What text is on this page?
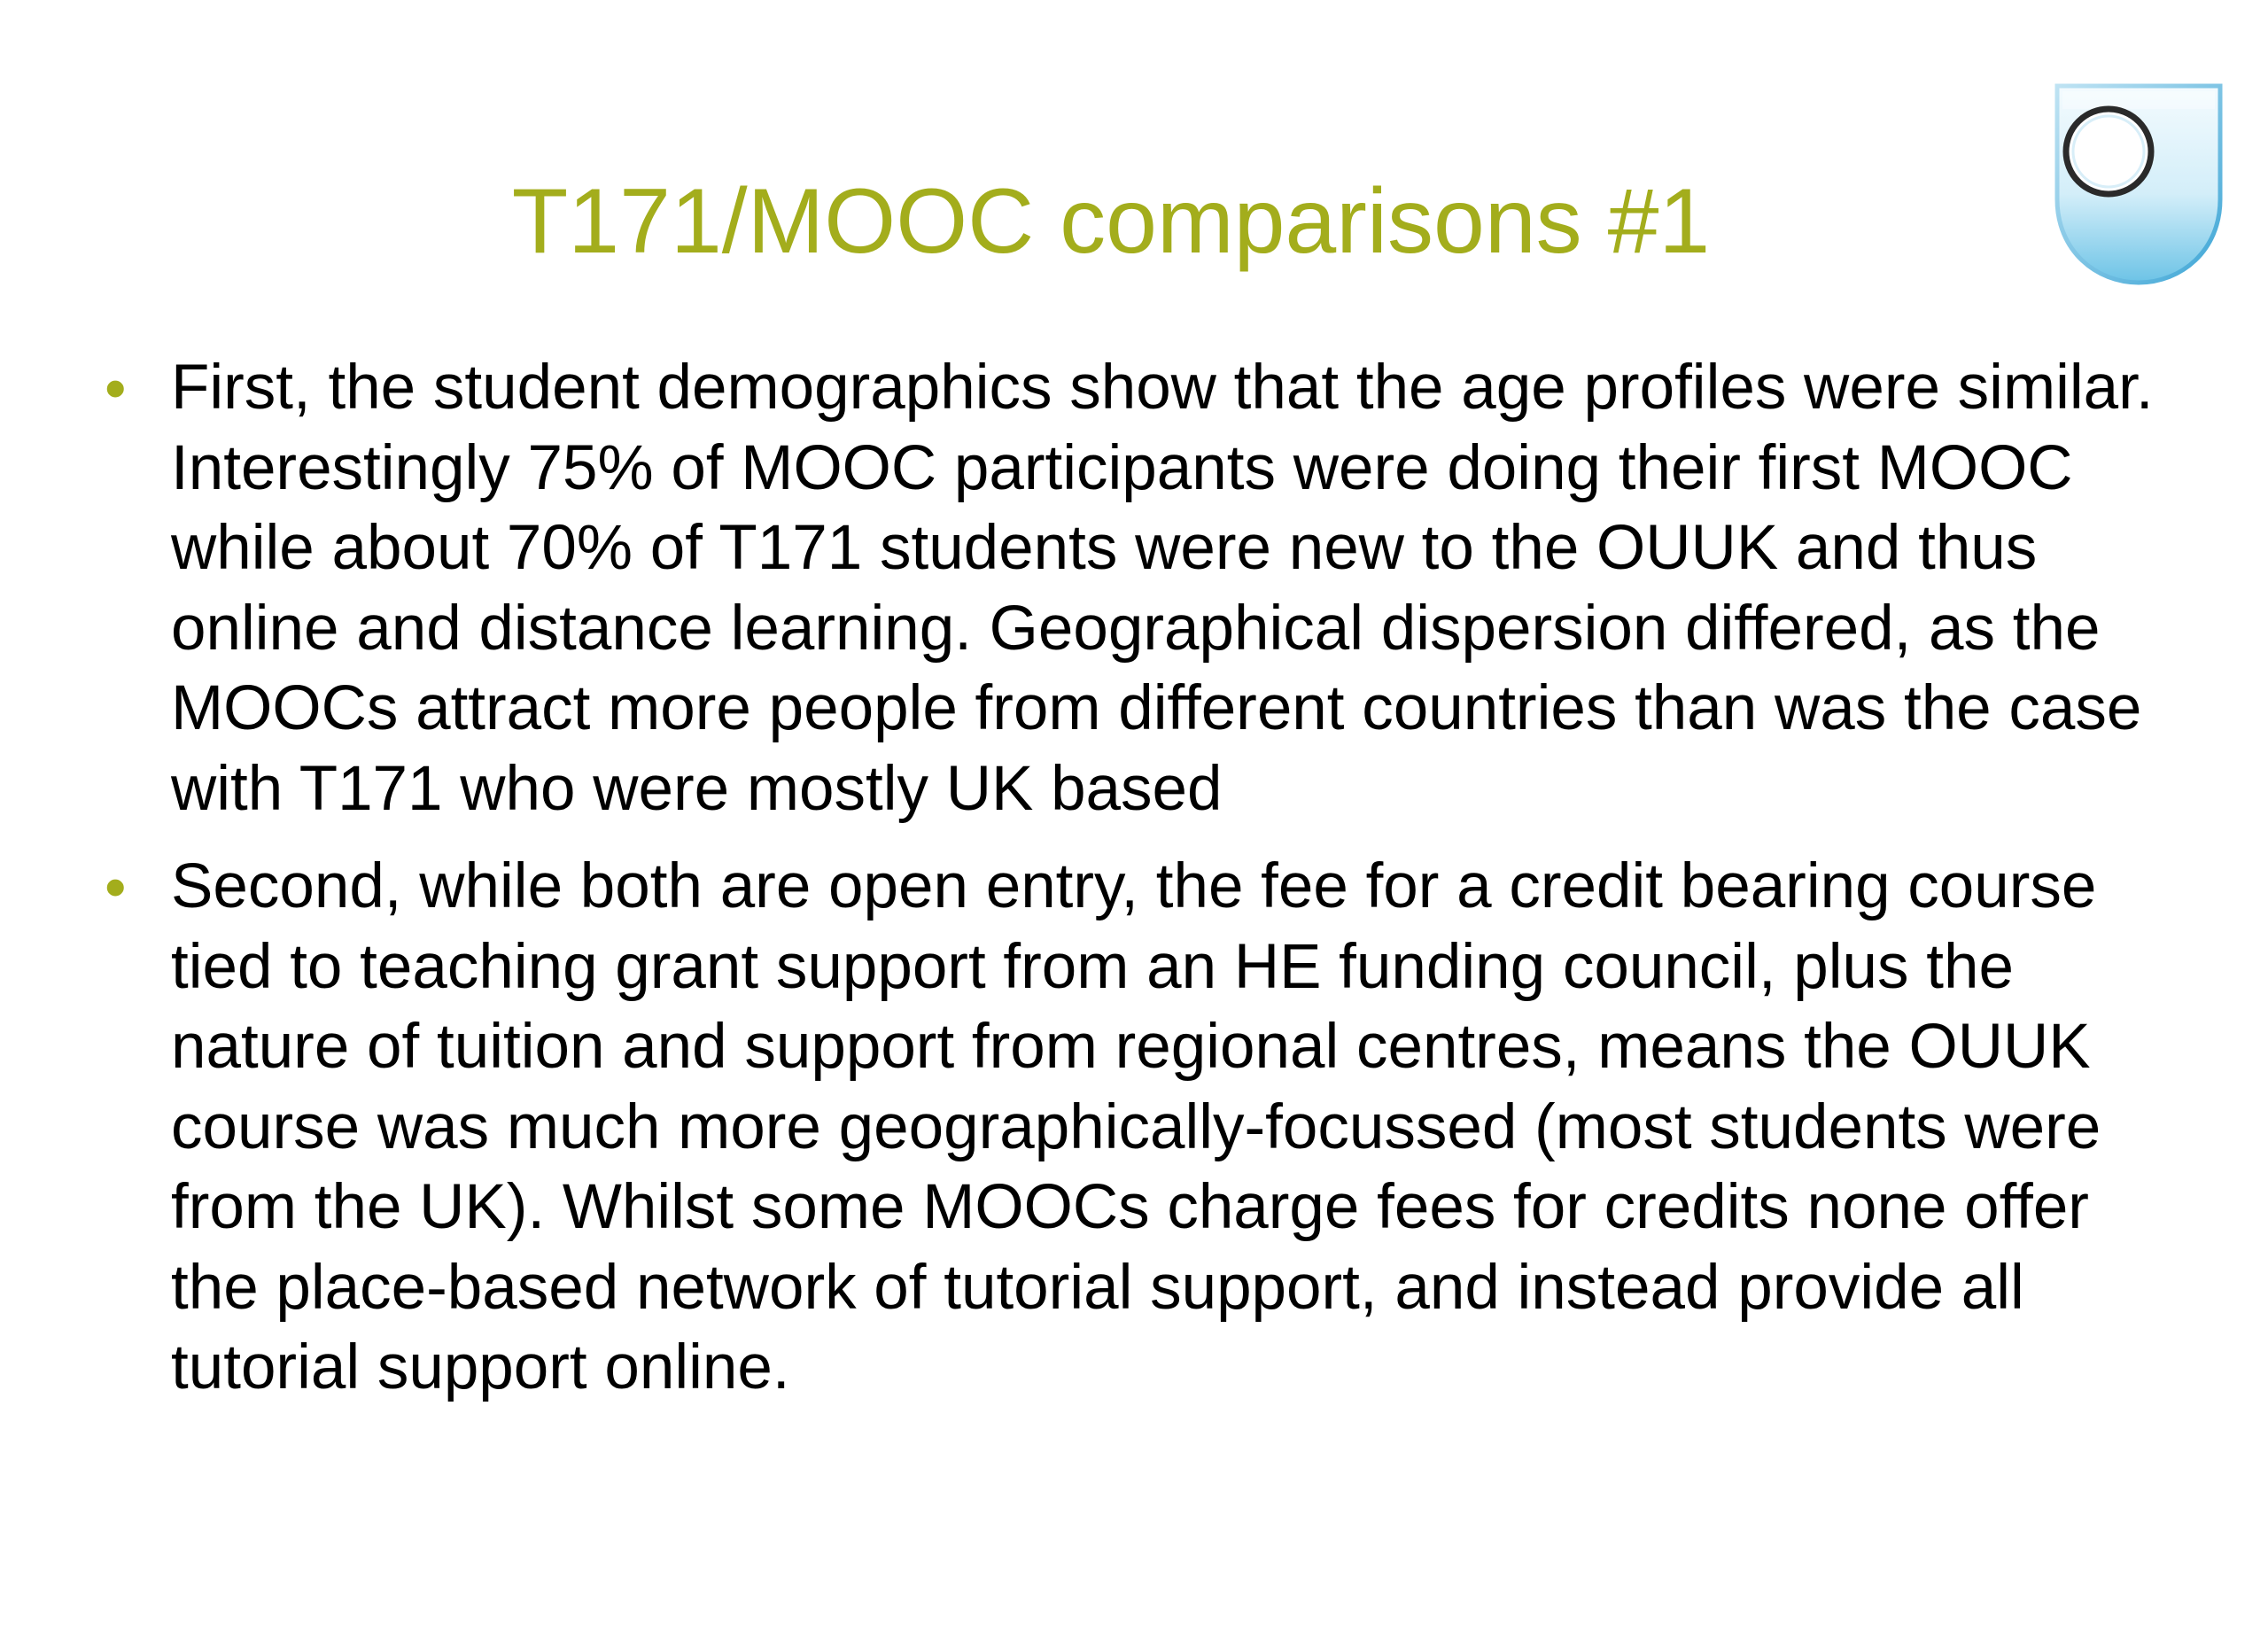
T171/MOOC comparisons #1
• First, the student demographics show that the age profiles were similar. Interestingly 75% of MOOC participants were doing their first MOOC while about 70% of T171 students were new to the OUUK and thus online and distance learning. Geographical dispersion differed, as the MOOCs attract more people from different countries than was the case with T171 who were mostly UK based
• Second, while both are open entry, the fee for a credit bearing course tied to teaching grant support from an HE funding council, plus the nature of tuition and support from regional centres, means the OUUK course was much more geographically-focussed (most students were from the UK). Whilst some MOOCs charge fees for credits none offer the place-based network of tutorial support, and instead provide all tutorial support online.
